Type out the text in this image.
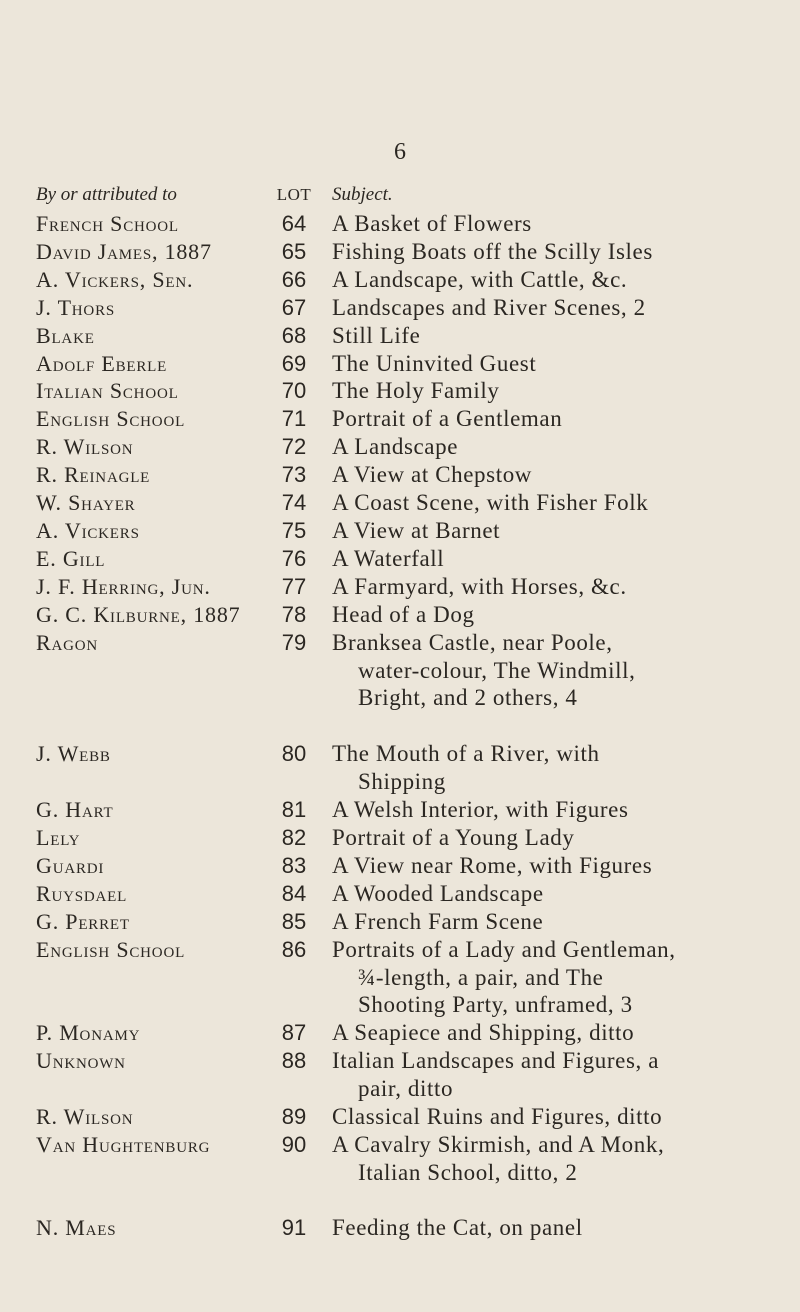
6
By or attributed to	LOT	Subject.
French School	64	A Basket of Flowers
David James, 1887	65	Fishing Boats off the Scilly Isles
A. Vickers, Sen.	66	A Landscape, with Cattle, &c.
J. Thors	67	Landscapes and River Scenes, 2
Blake	68	Still Life
Adolf Eberle	69	The Uninvited Guest
Italian School	70	The Holy Family
English School	71	Portrait of a Gentleman
R. Wilson	72	A Landscape
R. Reinagle	73	A View at Chepstow
W. Shayer	74	A Coast Scene, with Fisher Folk
A. Vickers	75	A View at Barnet
E. Gill	76	A Waterfall
J. F. Herring, Jun.	77	A Farmyard, with Horses, &c.
G. C. Kilburne, 1887	78	Head of a Dog
Ragon	79	Branksea Castle, near Poole,
water-colour, The Windmill,
Bright, and 2 others, 4
J. Webb	80	The Mouth of a River, with
Shipping
G. Hart	81	A Welsh Interior, with Figures
Lely	82	Portrait of a Young Lady
Guardi	83	A View near Rome, with Figures
Ruysdael	84	A Wooded Landscape
G. Perret	85	A French Farm Scene
English School	86	Portraits of a Lady and Gentleman,
¾-length, a pair, and The
Shooting Party, unframed, 3
P. Monamy	87	A Seapiece and Shipping, ditto
Unknown	88	Italian Landscapes and Figures, a
pair, ditto
R. Wilson	89	Classical Ruins and Figures, ditto
Van Hughtenburg	90	A Cavalry Skirmish, and A Monk,
Italian School, ditto, 2
N. Maes	91	Feeding the Cat, on panel
